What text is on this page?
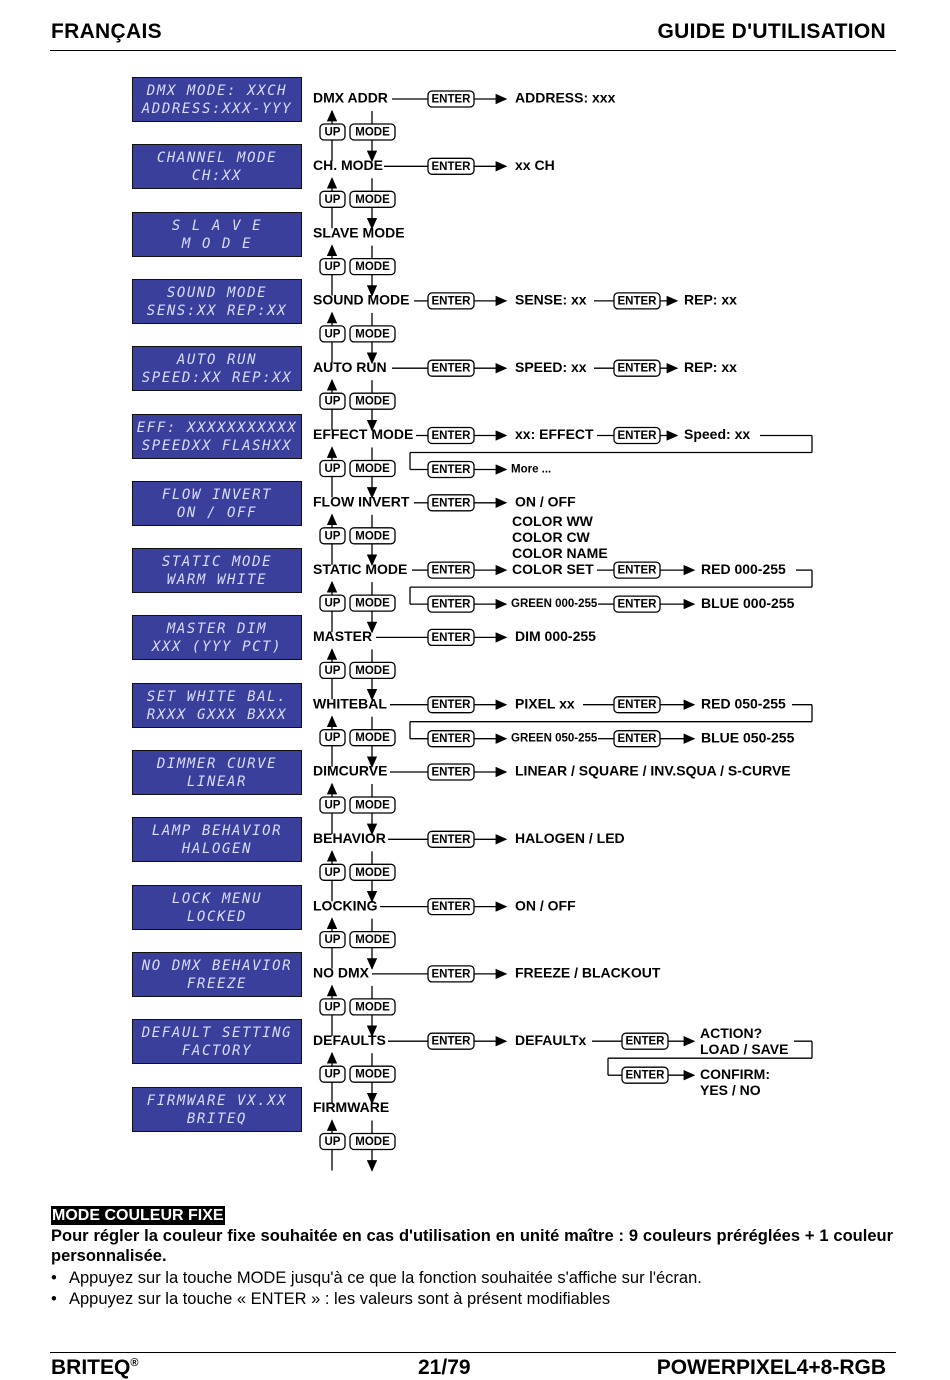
FRANÇAIS	GUIDE D'UTILISATION
DMX MODE: XXCH
ADDRESS:XXX-YYY
CHANNEL MODE
CH:XX
S L A V E
M O D E
SOUND MODE
SENS:XX REP:XX
AUTO RUN
SPEED:XX REP:XX
EFF: XXXXXXXXXXX
SPEEDXX FLASHXX
FLOW INVERT
ON / OFF
STATIC MODE
WARM WHITE
MASTER DIM
XXX (YYY PCT)
SET WHITE BAL.
RXXX GXXX BXXX
DIMMER CURVE
LINEAR
LAMP BEHAVIOR
HALOGEN
LOCK MENU
LOCKED
NO DMX BEHAVIOR
FREEZE
DEFAULT SETTING
FACTORY
FIRMWARE VX.XX
BRITEQ
DMX ADDR
UP MODE
CH. MODE
UP MODE
SLAVE MODE
UP MODE
SOUND MODE
UP MODE
AUTO RUN
UP MODE
EFFECT MODE
UP MODE
FLOW INVERT
UP MODE
STATIC MODE
UP MODE
MASTER
UP MODE
WHITEBAL
UP MODE
DIMCURVE
UP MODE
BEHAVIOR
UP MODE
LOCKING
UP MODE
NO DMX
UP MODE
DEFAULTS
UP MODE
FIRMWARE
UP MODE
ENTER	ADDRESS: xxx
ENTER	xx CH
ENTER	SENSE: xx	ENTER REP: xx
ENTER	SPEED: xx	ENTER REP: xx
ENTER	xx: EFFECT ENTER Speed: xx
ENTER	More ...
ENTER	ON / OFF
ENTER
COLOR WW
COLOR CW
COLOR NAME
COLOR SET ENTER	RED 000-255
ENTER	GREEN 000-255 ENTER	BLUE 000-255
ENTER	DIM 000-255
ENTER	PIXEL xx	ENTER	RED 050-255
ENTER	GREEN 050-255 ENTER	BLUE 050-255
ENTER	LINEAR / SQUARE / INV.SQUA / S-CURVE
ENTER	HALOGEN / LED
ENTER	ON / OFF
ENTER	FREEZE / BLACKOUT
ENTER	DEFAULTx	ENTER
ACTION?
LOAD / SAVE
ENTER	CONFIRM:
YES / NO
MODE COULEUR FIXE
Pour régler la couleur fixe souhaitée en cas d'utilisation en unité maître : 9 couleurs préréglées + 1 couleur personnalisée.
• Appuyez sur la touche MODE jusqu'à ce que la fonction souhaitée s'affiche sur l'écran.
• Appuyez sur la touche « ENTER » : les valeurs sont à présent modifiables
BRITEQ®	21/79	POWERPIXEL4+8-RGB
